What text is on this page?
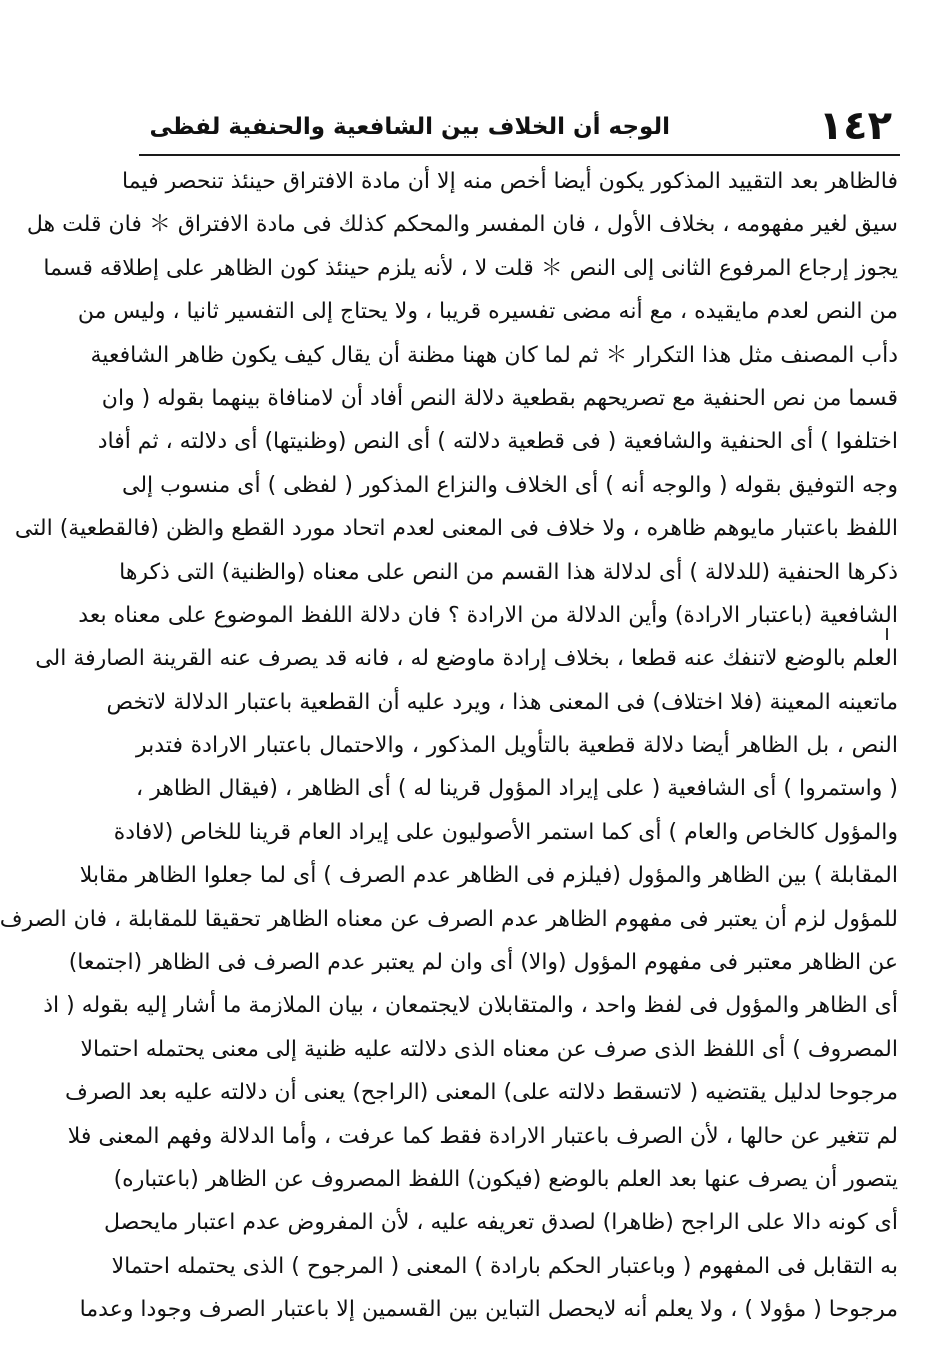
١٤٢
الوجه أن الخلاف بين الشافعية والحنفية لفظى
فالظاهر بعد التقييد المذكور يكون أيضا أخص منه إلا أن مادة الافتراق حينئذ تنحصر فيما
سيق لغير مفهومه ، بخلاف الأول ، فان المفسر والمحكم كذلك فى مادة الافتراق ＊ فان قلت هل
يجوز إرجاع المرفوع الثانى إلى النص ＊ قلت لا ، لأنه يلزم حينئذ كون الظاهر على إطلاقه قسما
من النص لعدم مايقيده ، مع أنه مضى تفسيره قريبا ، ولا يحتاج إلى التفسير ثانيا ، وليس من
دأب المصنف مثل هذا التكرار ＊ ثم لما كان ههنا مظنة أن يقال كيف يكون ظاهر الشافعية
قسما من نص الحنفية مع تصريحهم بقطعية دلالة النص أفاد أن لامنافاة بينهما بقوله ( وان
اختلفوا ) أى الحنفية والشافعية ( فى قطعية دلالته ) أى النص (وظنيتها) أى دلالته ، ثم أفاد
وجه التوفيق بقوله ( والوجه أنه ) أى الخلاف والنزاع المذكور ( لفظى ) أى منسوب إلى
اللفظ باعتبار مايوهم ظاهره ، ولا خلاف فى المعنى لعدم اتحاد مورد القطع والظن (فالقطعية) التى
ذكرها الحنفية (للدلالة ) أى لدلالة هذا القسم من النص على معناه (والظنية) التى ذكرها
الشافعية (باعتبار الارادة) وأين الدلالة من الارادة ؟ فان دلالة اللفظ الموضوع على معناه بعد
العلم بالوضع لاتنفك عنه قطعا ، بخلاف إرادة ماوضع له ، فانه قد يصرف عنه القرينة الصارفة الى
ماتعينه المعينة (فلا اختلاف) فى المعنى هذا ، ويرد عليه أن القطعية باعتبار الدلالة لاتخص
النص ، بل الظاهر أيضا دلالة قطعية بالتأويل المذكور ، والاحتمال باعتبار الارادة فتدبر
( واستمروا ) أى الشافعية ( على إيراد المؤول قرينا له ) أى الظاهر ، (فيقال الظاهر ،
والمؤول كالخاص والعام ) أى كما استمر الأصوليون على إيراد العام قرينا للخاص (لافادة
المقابلة ) بين الظاهر والمؤول (فيلزم فى الظاهر عدم الصرف ) أى لما جعلوا الظاهر مقابلا
للمؤول لزم أن يعتبر فى مفهوم الظاهر عدم الصرف عن معناه الظاهر تحقيقا للمقابلة ، فان الصرف
عن الظاهر معتبر فى مفهوم المؤول (والا) أى وان لم يعتبر عدم الصرف فى الظاهر (اجتمعا)
أى الظاهر والمؤول فى لفظ واحد ، والمتقابلان لايجتمعان ، بيان الملازمة ما أشار إليه بقوله ( اذ
المصروف ) أى اللفظ الذى صرف عن معناه الذى دلالته عليه ظنية إلى معنى يحتمله احتمالا
مرجوحا لدليل يقتضيه ( لاتسقط دلالته على) المعنى (الراجح) يعنى أن دلالته عليه بعد الصرف
لم تتغير عن حالها ، لأن الصرف باعتبار الارادة فقط كما عرفت ، وأما الدلالة وفهم المعنى فلا
يتصور أن يصرف عنها بعد العلم بالوضع (فيكون) اللفظ المصروف عن الظاهر (باعتباره)
أى كونه دالا على الراجح (ظاهرا) لصدق تعريفه عليه ، لأن المفروض عدم اعتبار مايحصل
به التقابل فى المفهوم ( وباعتبار الحكم بارادة ) المعنى ( المرجوح ) الذى يحتمله احتمالا
مرجوحا ( مؤولا ) ، ولا يعلم أنه لايحصل التباين بين القسمين إلا باعتبار الصرف وجودا وعدما
